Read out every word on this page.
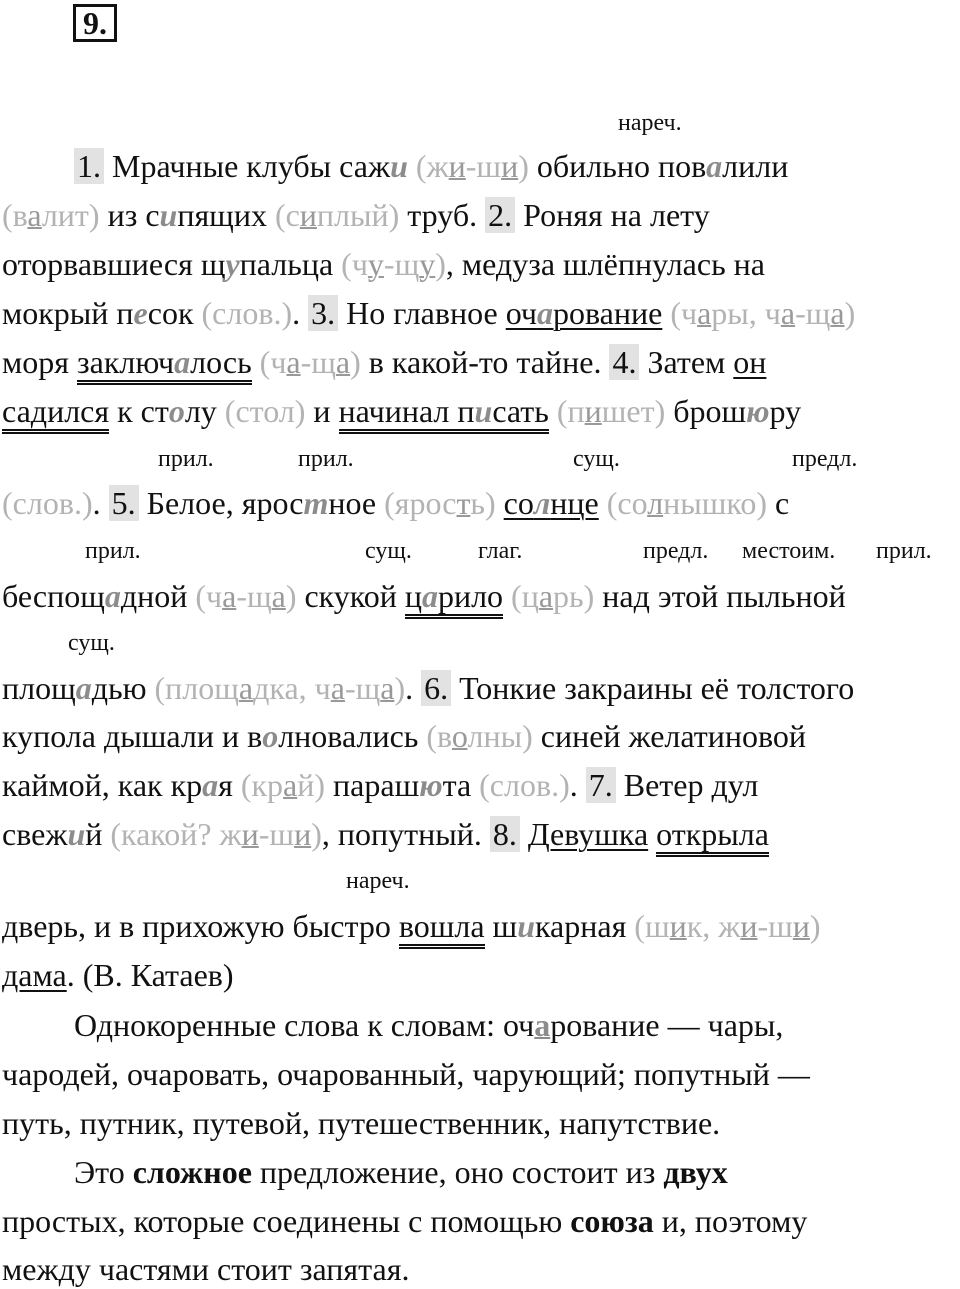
9.
нареч.
прил.	прил.	сущ.	предл.
прил.	сущ.	глаг.	предл. местоим. прил.
сущ.
нареч.
1. Мрачные клубы сажи (жи-ши) обильно повалили
(валит) из сипящих (сиплый) труб. 2. Роняя на лету
оторвавшиеся щупальца (чу-щу), медуза шлёпнулась на
мокрый песок (слов.). 3. Но главное очарование (чары, ча-ща)
моря заключалось (ча-ща) в какой-то тайне. 4. Затем он
садился к столу (стол) и начинал писать (пишет) брошюру
(слов.). 5. Белое, яростное (ярость) солнце (солнышко) с
беспощадной (ча-ща) скукой царило (царь) над этой пыльной
площадью (площадка, ча-ща). 6. Тонкие закраины её толстого
купола дышали и волновались (волны) синей желатиновой
каймой, как края (край) парашюта (слов.). 7. Ветер дул
свежий (какой? жи-ши), попутный. 8. Девушка открыла
дверь, и в прихожую быстро вошла шикарная (шик, жи-ши)
дама. (В. Катаев)
Однокоренные слова к словам: очарование — чары,
чародей, очаровать, очарованный, чарующий; попутный —
путь, путник, путевой, путешественник, напутствие.
Это сложное предложение, оно состоит из двух
простых, которые соединены с помощью союза и, поэтому
между частями стоит запятая.
